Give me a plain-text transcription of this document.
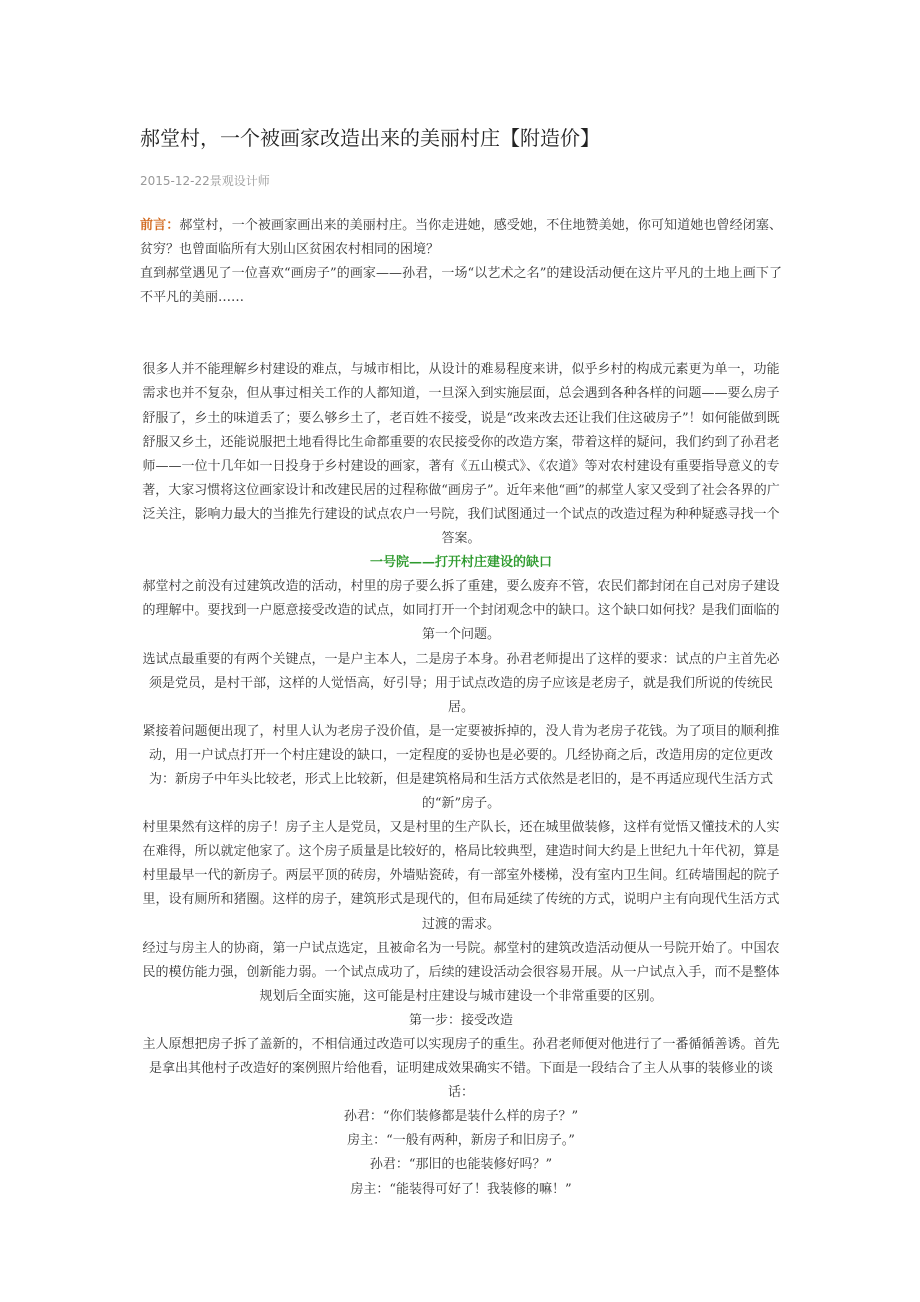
郝堂村，一个被画家改造出来的美丽村庄【附造价】
2015-12-22景观设计师

前言：郝堂村，一个被画家画出来的美丽村庄。当你走进她，感受她，不住地赞美她，你可知道她也曾经闭塞、贫穷？也曾面临所有大别山区贫困农村相同的困境？

直到郝堂遇见了一位喜欢“画房子”的画家——孙君，一场“以艺术之名”的建设活动便在这片平凡的土地上画下了不平凡的美丽……

很多人并不能理解乡村建设的难点，与城市相比，从设计的难易程度来讲，似乎乡村的构成元素更为单一，功能需求也并不复杂，但从事过相关工作的人都知道，一旦深入到实施层面，总会遇到各种各样的问题——要么房子舒服了，乡土的味道丢了；要么够乡土了，老百姓不接受，说是“改来改去还让我们住这破房子”！如何能做到既舒服又乡土，还能说服把土地看得比生命都重要的农民接受你的改造方案，带着这样的疑问，我们约到了孙君老师——一位十几年如一日投身于乡村建设的画家，著有《五山模式》、《农道》等对农村建设有重要指导意义的专著，大家习惯将这位画家设计和改建民居的过程称做“画房子”。近年来他“画”的郝堂人家又受到了社会各界的广泛关注，影响力最大的当推先行建设的试点农户一号院，我们试图通过一个试点的改造过程为种种疑惑寻找一个答案。

一号院——打开村庄建设的缺口

郝堂村之前没有过建筑改造的活动，村里的房子要么拆了重建，要么废弃不管，农民们都封闭在自己对房子建设的理解中。要找到一户愿意接受改造的试点，如同打开一个封闭观念中的缺口。这个缺口如何找？是我们面临的第一个问题。

选试点最重要的有两个关键点，一是户主本人，二是房子本身。孙君老师提出了这样的要求：试点的户主首先必须是党员，是村干部，这样的人觉悟高，好引导；用于试点改造的房子应该是老房子，就是我们所说的传统民居。

紧接着问题便出现了，村里人认为老房子没价值，是一定要被拆掉的，没人肯为老房子花钱。为了项目的顺利推动，用一户试点打开一个村庄建设的缺口，一定程度的妥协也是必要的。几经协商之后，改造用房的定位更改为：新房子中年头比较老，形式上比较新，但是建筑格局和生活方式依然是老旧的，是不再适应现代生活方式的“新”房子。

村里果然有这样的房子！房子主人是党员，又是村里的生产队长，还在城里做装修，这样有觉悟又懂技术的人实在难得，所以就定他家了。这个房子质量是比较好的，格局比较典型，建造时间大约是上世纪九十年代初，算是村里最早一代的新房子。两层平顶的砖房，外墙贴瓷砖，有一部室外楼梯，没有室内卫生间。红砖墙围起的院子里，设有厕所和猪圈。这样的房子，建筑形式是现代的，但布局延续了传统的方式，说明户主有向现代生活方式过渡的需求。

经过与房主人的协商，第一户试点选定，且被命名为一号院。郝堂村的建筑改造活动便从一号院开始了。中国农民的模仿能力强，创新能力弱。一个试点成功了，后续的建设活动会很容易开展。从一户试点入手，而不是整体规划后全面实施，这可能是村庄建设与城市建设一个非常重要的区别。

第一步：接受改造

主人原想把房子拆了盖新的，不相信通过改造可以实现房子的重生。孙君老师便对他进行了一番循循善诱。首先是拿出其他村子改造好的案例照片给他看，证明建成效果确实不错。下面是一段结合了主人从事的装修业的谈话：

孙君：“你们装修都是装什么样的房子？”

房主：“一般有两种，新房子和旧房子。”

孙君：“那旧的也能装修好吗？”

房主：“能装得可好了！我装修的嘛！”
